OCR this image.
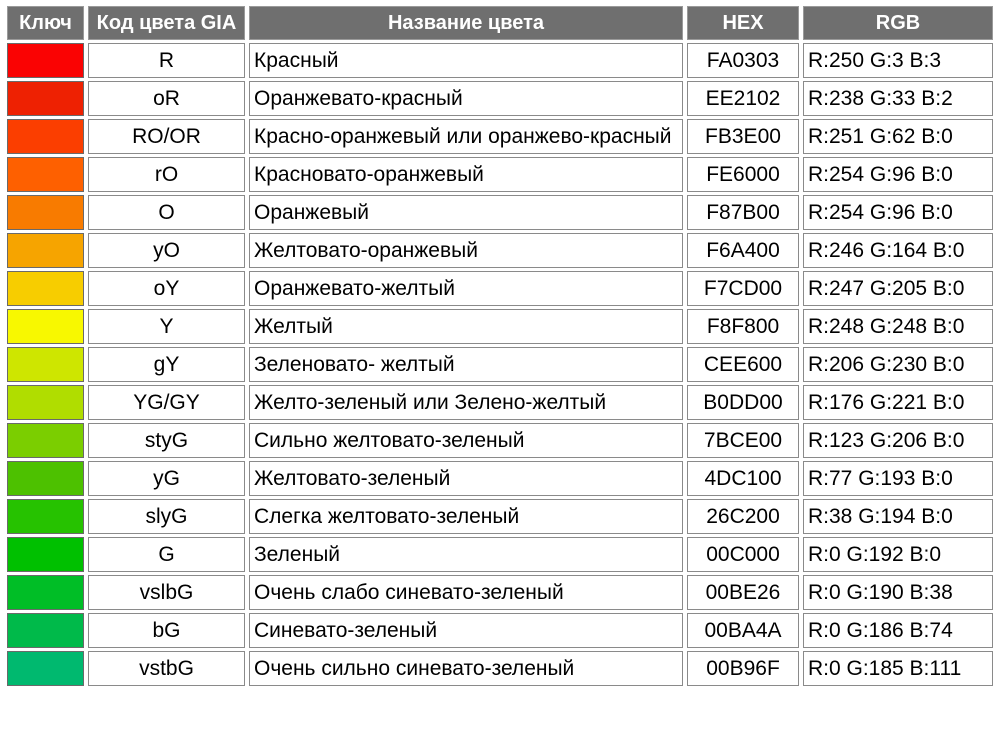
Ключ	Код цвета GIA	Название цвета	HEX	RGB

	R	Красный	FA0303	R:250 G:3 B:3

	oR	Оранжевато-красный	EE2102	R:238 G:33 B:2

	RO/OR	Красно-оранжевый или оранжево-красный	FB3E00	R:251 G:62 B:0

	rO	Красновато-оранжевый	FE6000	R:254 G:96 B:0

	O	Оранжевый	F87B00	R:254 G:96 B:0

	yO	Желтовато-оранжевый	F6A400	R:246 G:164 B:0

	oY	Оранжевато-желтый	F7CD00	R:247 G:205 B:0

	Y	Желтый	F8F800	R:248 G:248 B:0

	gY	Зеленовато- желтый	CEE600	R:206 G:230 B:0

	YG/GY	Желто-зеленый или Зелено-желтый	B0DD00	R:176 G:221 B:0

	styG	Сильно желтовато-зеленый	7BCE00	R:123 G:206 B:0

	yG	Желтовато-зеленый	4DC100	R:77 G:193 B:0

	slyG	Слегка желтовато-зеленый	26C200	R:38 G:194 B:0

	G	Зеленый	00C000	R:0 G:192 B:0

	vslbG	Очень слабо синевато-зеленый	00BE26	R:0 G:190 B:38

	bG	Синевато-зеленый	00BA4A	R:0 G:186 B:74

	vstbG	Очень сильно синевато-зеленый	00B96F	R:0 G:185 B:111
